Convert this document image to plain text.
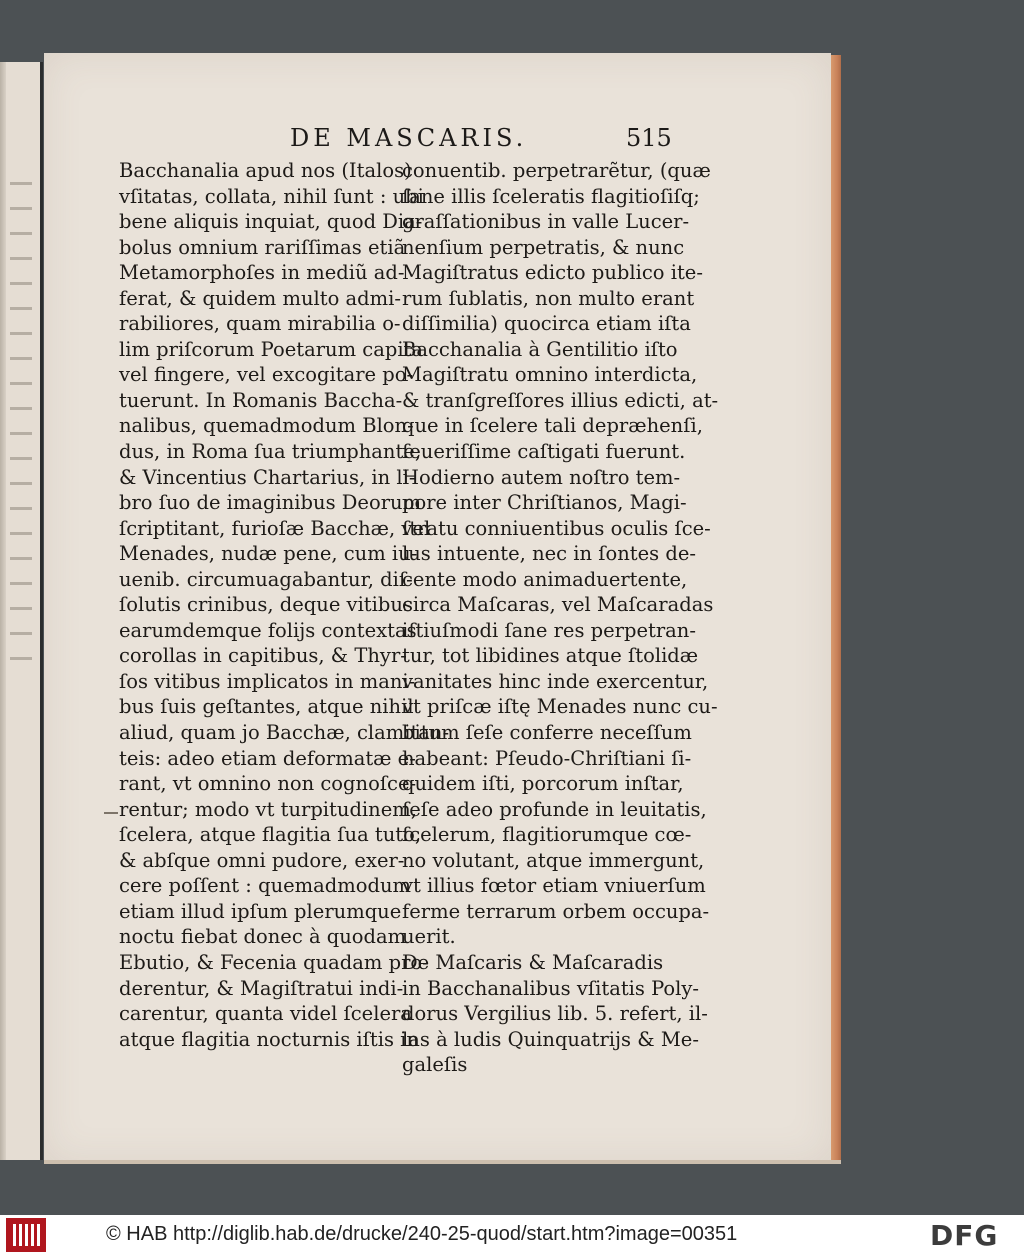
DE MASCARIS.	515
Bacchanalia apud nos (Italos)
vſitatas, collata, nihil ſunt : ubi
bene aliquis inquiat, quod Dia-
bolus omnium rariſſimas etiã
Metamorphoſes in mediũ ad-
ferat, & quidem multo admi-
rabiliores, quam mirabilia o-
lim priſcorum Poetarum capita
vel fingere, vel excogitare po-
tuerunt. In Romanis Baccha-
nalibus, quemadmodum Blon-
dus, in Roma ſua triumphante,
& Vincentius Chartarius, in li-
bro ſuo de imaginibus Deorum
ſcriptitant, furioſæ Bacchæ, vel
Menades, nudæ pene, cum iu-
uenib. circumuagabantur, diſ-
ſolutis crinibus, deque vitibus
earumdemque folijs contextas
corollas in capitibus, & Thyr-
ſos vitibus implicatos in mani-
bus ſuis geſtantes, atque nihil
aliud, quam jo Bacchæ, clamitan-
teis: adeo etiam deformatæ e-
rant, vt omnino non cognoſce-
rentur; modo vt turpitudinem,
ſcelera, atque flagitia ſua tuto,
& abſque omni pudore, exer-
cere poſſent : quemadmodum
etiam illud ipſum plerumque
noctu fiebat donec à quodam
Ebutio, & Fecenia quadam pro-
derentur, & Magiſtratui indi-
carentur, quanta videl ſcelera
atque flagitia nocturnis iſtis in
conuentib. perpetrarẽtur, (quæ
ſane illis ſceleratis flagitioſiſq;
graſſationibus in valle Lucer-
nenſium perpetratis, & nunc
Magiſtratus edicto publico ite-
rum ſublatis, non multo erant
diſſimilia) quocirca etiam iſta
Bacchanalia à Gentilitio iſto
Magiſtratu omnino interdicta,
& tranſgreſſores illius edicti, at-
que in ſcelere tali depræhenſi,
ſeueriſſime caſtigati fuerunt.
Hodierno autem noſtro tem-
pore inter Chriſtianos, Magi-
ſtratu conniuentibus oculis ſce-
lus intuente, nec in ſontes de-
cente modo animaduertente,
circa Maſcaras, vel Maſcaradas
iſtiuſmodi ſane res perpetran-
tur, tot libidines atque ſtolidæ
vanitates hinc inde exercentur,
vt priſcæ iſtę Menades nunc cu-
bitum ſeſe conferre neceſſum
habeant: Pſeudo-Chriſtiani ſi-
quidem iſti, porcorum inſtar,
ſeſe adeo profunde in leuitatis,
ſcelerum, flagitiorumque cœ-
no volutant, atque immergunt,
vt illius fœtor etiam vniuerſum
ferme terrarum orbem occupa-
uerit.
De Maſcaris & Maſcaradis
in Bacchanalibus vſitatis Poly-
dorus Vergilius lib. 5. refert, il-
las à ludis Quinquatrijs & Me-
galeſis
© HAB http://diglib.hab.de/drucke/240-25-quod/start.htm?image=00351	DFG
